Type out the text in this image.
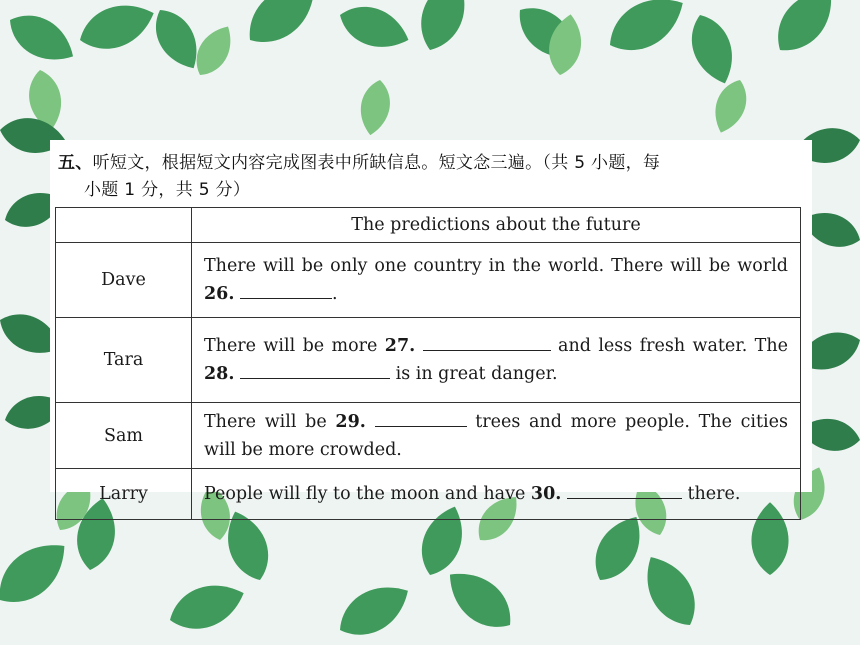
五、听短文，根据短文内容完成图表中所缺信息。短文念三遍。（共 5 小题，每
小题 1 分，共 5 分）
	The predictions about the future
Dave	There will be only one country in the world. There will be world 26. .
Tara	There will be more 27. and less fresh water. The 28. is in great danger.
Sam	There will be 29. trees and more people. The cities will be more crowded.
Larry	People will fly to the moon and have 30. there.
